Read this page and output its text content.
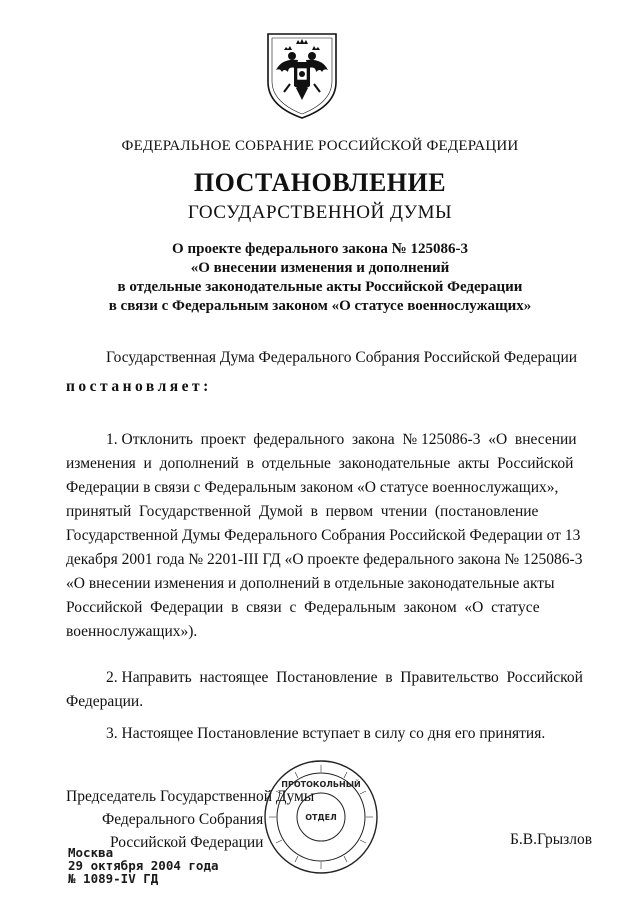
ФЕДЕРАЛЬНОЕ СОБРАНИЕ РОССИЙСКОЙ ФЕДЕРАЦИИ
ПОСТАНОВЛЕНИЕ
ГОСУДАРСТВЕННОЙ ДУМЫ
О проекте федерального закона № 125086-3
«О внесении изменения и дополнений
в отдельные законодательные акты Российской Федерации
в связи с Федеральным законом «О статусе военнослужащих»
Государственная Дума Федерального Собрания Российской Федерации
постановляет:
1. Отклонить  проект  федерального  закона  № 125086-3  «О  внесении
изменения  и  дополнений  в  отдельные  законодательные  акты  Российской
Федерации в связи с Федеральным законом «О статусе военнослужащих»,
принятый  Государственной  Думой  в  первом  чтении  (постановление
Государственной Думы Федерального Собрания Российской Федерации от 13
декабря 2001 года № 2201-III ГД «О проекте федерального закона № 125086-3
«О внесении изменения и дополнений в отдельные законодательные акты
Российской  Федерации  в  связи  с  Федеральным  законом  «О  статусе
военнослужащих»).
2. Направить  настоящее  Постановление  в  Правительство  Российской
Федерации.
3. Настоящее Постановление вступает в силу со дня его принятия.
ПРОТОКОЛЬНЫЙ
ОТДЕЛ
Председатель Государственной Думы
Федерального Собрания
Российской Федерации	Б.В.Грызлов
Москва
29 октября 2004 года
№ 1089-IV ГД
